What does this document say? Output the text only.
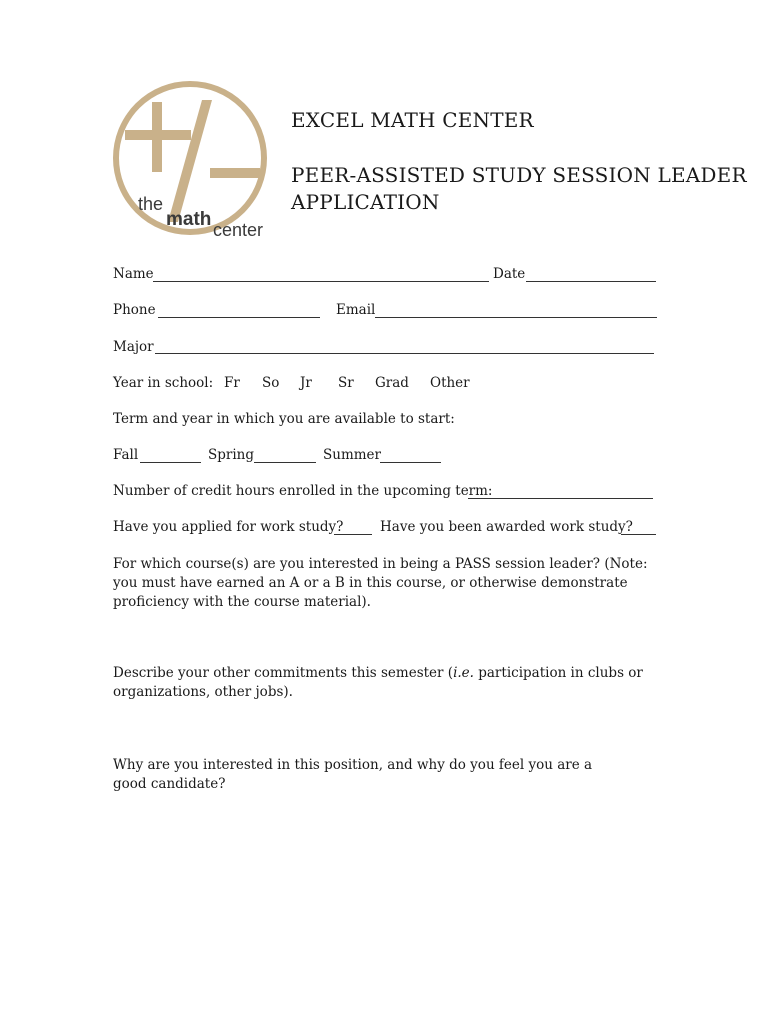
the
math center
EXCEL MATH CENTER
PEER-ASSISTED STUDY SESSION LEADER
APPLICATION
Name	Date
Phone	Email
Major
Year in school: Fr So Jr Sr Grad Other
Term and year in which you are available to start:
Fall	Spring	Summer
Number of credit hours enrolled in the upcoming term:
Have you applied for work study?	Have you been awarded work study?
For which course(s) are you interested in being a PASS session leader? (Note: you must have earned an A or a B in this course, or otherwise demonstrate proficiency with the course material).
Describe your other commitments this semester (i.e. participation in clubs or organizations, other jobs).
Why are you interested in this position, and why do you feel you are a good candidate?
